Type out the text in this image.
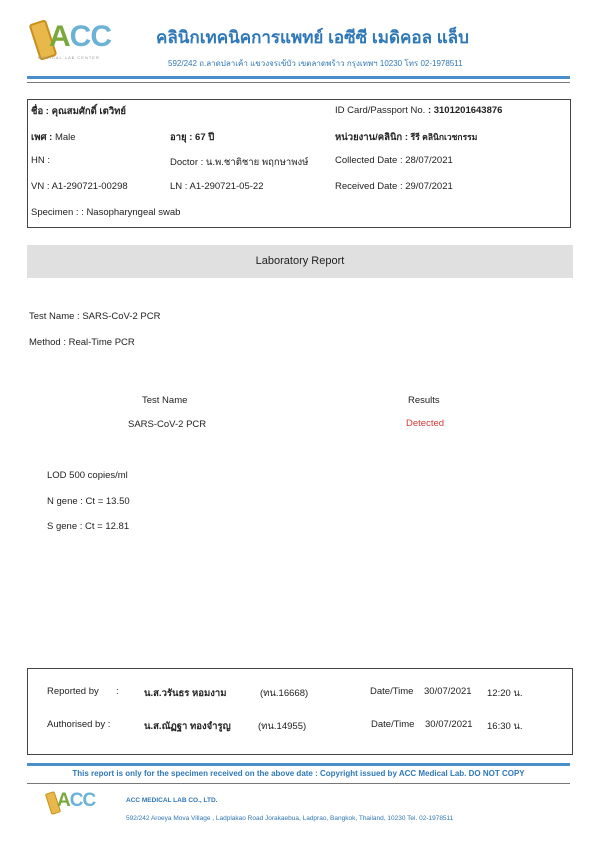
ACC
MEDICAL LAB CENTER
คลินิกเทคนิคการแพทย์ เอซีซี เมดิคอล แล็บ
592/242 ถ.ลาดปลาเค้า แขวงจรเข้บัว เขตลาดพร้าว กรุงเทพฯ 10230 โทร 02-1978511
ชื่อ : คุณสมศักดิ์ เตวิทย์	ID Card/Passport No. : 3101201643876
เพศ : Male	อายุ : 67 ปี	หน่วยงาน/คลินิก : รีรี คลินิกเวชกรรม
HN :	Doctor : น.พ.ชาติชาย พฤกษาพงษ์	Collected Date : 28/07/2021
VN : A1-290721-00298	LN : A1-290721-05-22	Received Date : 29/07/2021
Specimen : : Nasopharyngeal swab
Laboratory Report
Test Name : SARS-CoV-2 PCR
Method : Real-Time PCR
Test Name	Results
SARS-CoV-2 PCR	Detected
LOD 500 copies/ml
N gene : Ct = 13.50
S gene : Ct = 12.81
Reported by :	น.ส.วรันธร หอมงาม	(ทน.16668)	Date/Time 30/07/2021 12:20 น.
Authorised by :	น.ส.ณัฏฐา ทองจำรูญ	(ทน.14955)	Date/Time 30/07/2021 16:30 น.
This report is only for the specimen received on the above date : Copyright issued by ACC Medical Lab. DO NOT COPY
ACC	ACC MEDICAL LAB CO., LTD.
592/242 Aroeya Mova Village , Ladplakao Road Jorakaebua, Ladprao, Bangkok, Thailand, 10230 Tel. 02-1978511
